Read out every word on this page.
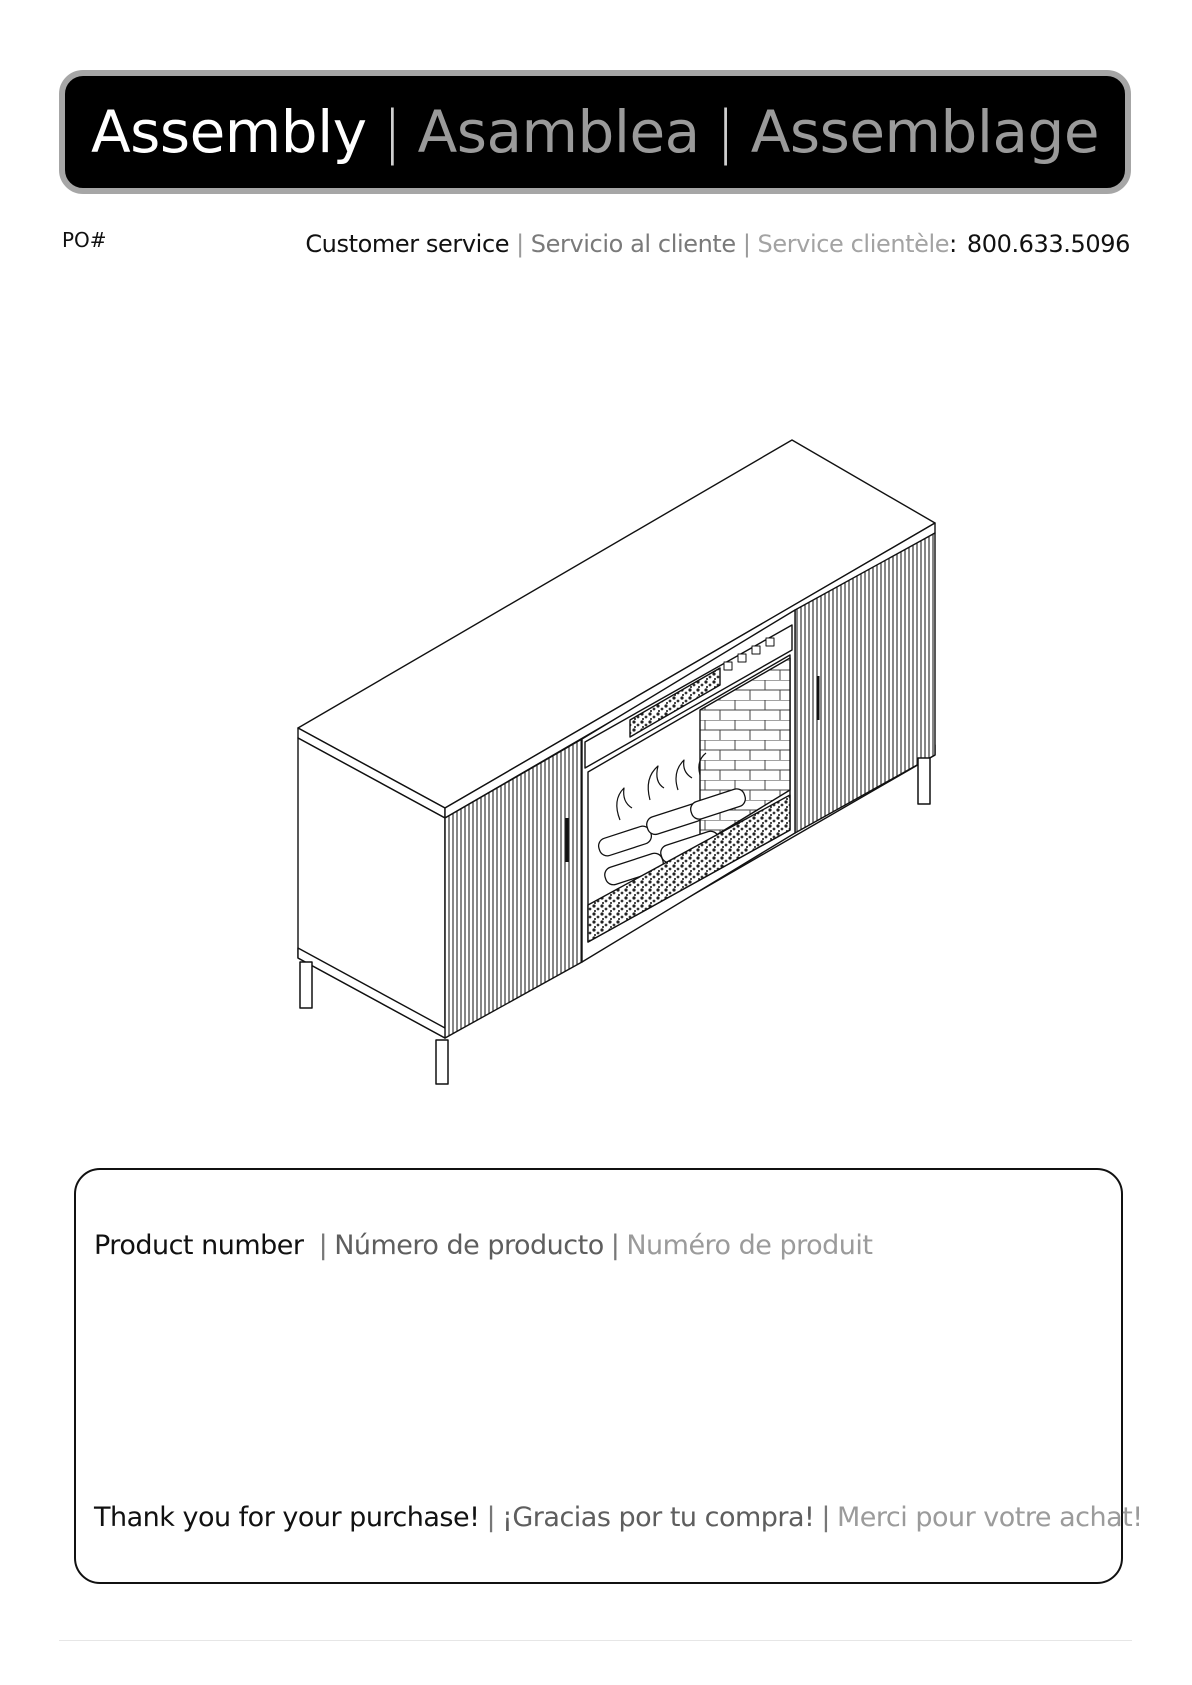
Assembly | Asamblea | Assemblage
PO#	Customer service | Servicio al cliente | Service clientèle: 800.633.5096
Product number | Número de producto | Numéro de produit
Thank you for your purchase! | ¡Gracias por tu compra! | Merci pour votre achat!
